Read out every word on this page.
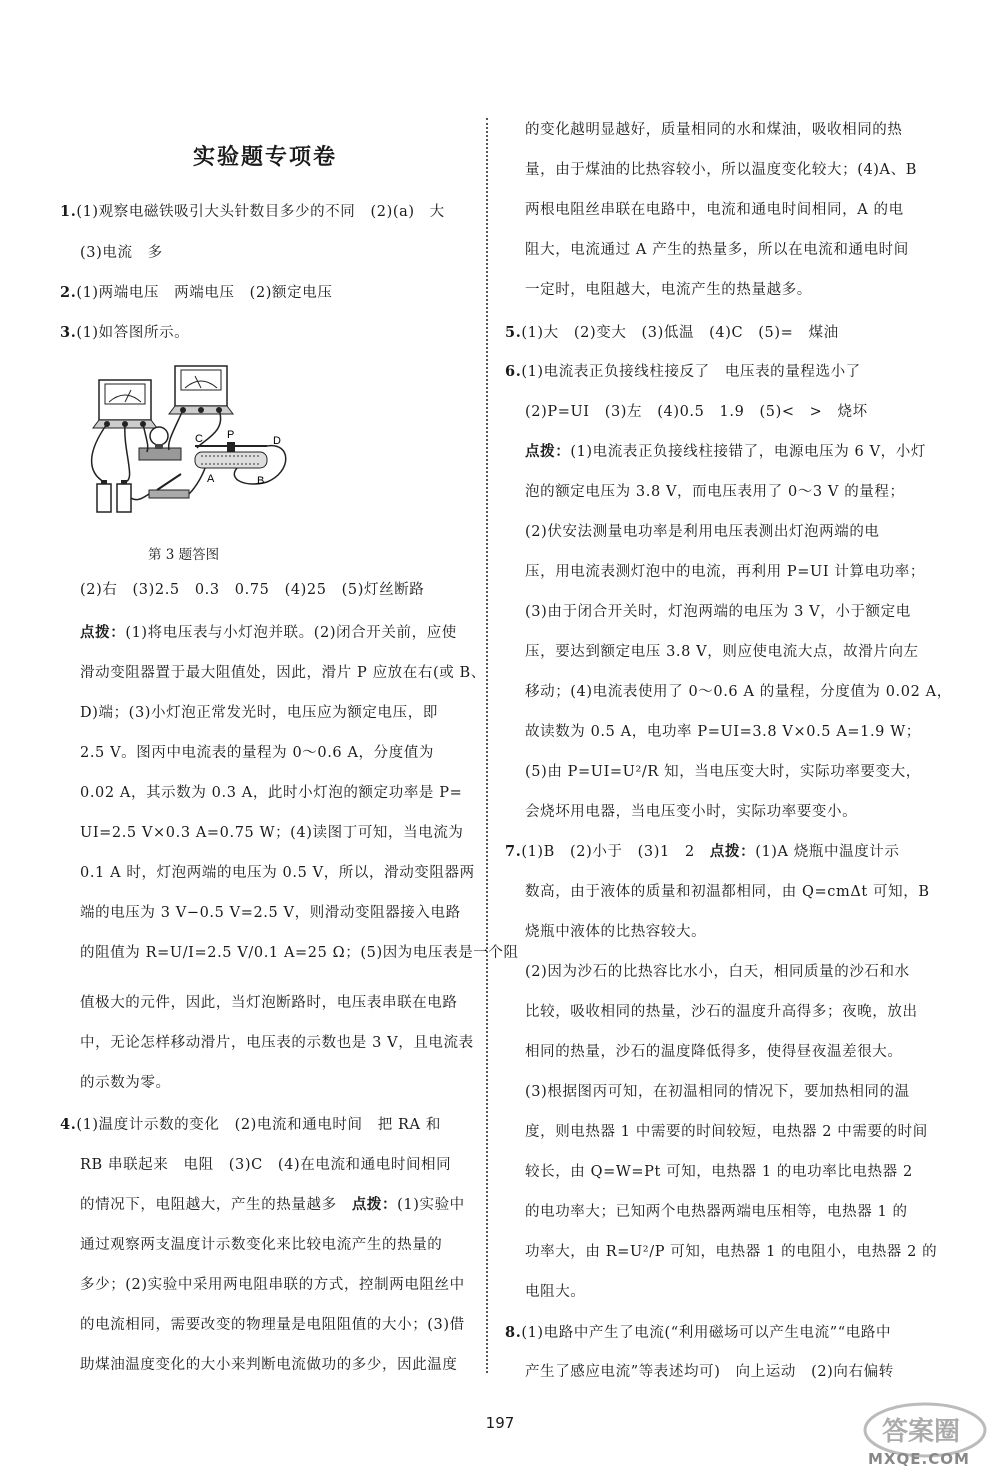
实验题专项卷
1.(1)观察电磁铁吸引大头针数目多少的不同　(2)(a)　大
(3)电流　多
2.(1)两端电压　两端电压　(2)额定电压
3.(1)如答图所示。
(2)右　(3)2.5　0.3　0.75　(4)25　(5)灯丝断路
点拨：(1)将电压表与小灯泡并联。(2)闭合开关前，应使
滑动变阻器置于最大阻值处，因此，滑片 P 应放在右(或 B、
D)端；(3)小灯泡正常发光时，电压应为额定电压，即
2.5 V。图丙中电流表的量程为 0～0.6 A，分度值为
0.02 A，其示数为 0.3 A，此时小灯泡的额定功率是 P=
UI=2.5 V×0.3 A=0.75 W；(4)读图丁可知，当电流为
0.1 A 时，灯泡两端的电压为 0.5 V，所以，滑动变阻器两
端的电压为 3 V−0.5 V=2.5 V，则滑动变阻器接入电路
的阻值为 R=U/I=2.5 V/0.1 A=25 Ω；(5)因为电压表是一个阻
值极大的元件，因此，当灯泡断路时，电压表串联在电路
中，无论怎样移动滑片，电压表的示数也是 3 V，且电流表
的示数为零。
4.(1)温度计示数的变化　(2)电流和通电时间　把 RA 和
RB 串联起来　电阻　(3)C　(4)在电流和通电时间相同
的情况下，电阻越大，产生的热量越多　点拨：(1)实验中
通过观察两支温度计示数变化来比较电流产生的热量的
多少；(2)实验中采用两电阻串联的方式，控制两电阻丝中
的电流相同，需要改变的物理量是电阻阻值的大小；(3)借
助煤油温度变化的大小来判断电流做功的多少，因此温度
C P	D
A	B
第 3 题答图
的变化越明显越好，质量相同的水和煤油，吸收相同的热
量，由于煤油的比热容较小，所以温度变化较大；(4)A、B
两根电阻丝串联在电路中，电流和通电时间相同，A 的电
阻大，电流通过 A 产生的热量多，所以在电流和通电时间
一定时，电阻越大，电流产生的热量越多。
5.(1)大　(2)变大　(3)低温　(4)C　(5)=　煤油
6.(1)电流表正负接线柱接反了　电压表的量程选小了
(2)P=UI　(3)左　(4)0.5　1.9　(5)<　>　烧坏
点拨：(1)电流表正负接线柱接错了，电源电压为 6 V，小灯
泡的额定电压为 3.8 V，而电压表用了 0～3 V 的量程；
(2)伏安法测量电功率是利用电压表测出灯泡两端的电
压，用电流表测灯泡中的电流，再利用 P=UI 计算电功率；
(3)由于闭合开关时，灯泡两端的电压为 3 V，小于额定电
压，要达到额定电压 3.8 V，则应使电流大点，故滑片向左
移动；(4)电流表使用了 0～0.6 A 的量程，分度值为 0.02 A，
故读数为 0.5 A，电功率 P=UI=3.8 V×0.5 A=1.9 W；
(5)由 P=UI=U²/R 知，当电压变大时，实际功率要变大，
会烧坏用电器，当电压变小时，实际功率要变小。
7.(1)B　(2)小于　(3)1　2　点拨：(1)A 烧瓶中温度计示
数高，由于液体的质量和初温都相同，由 Q=cmΔt 可知，B
烧瓶中液体的比热容较大。
(2)因为沙石的比热容比水小，白天，相同质量的沙石和水
比较，吸收相同的热量，沙石的温度升高得多；夜晚，放出
相同的热量，沙石的温度降低得多，使得昼夜温差很大。
(3)根据图丙可知，在初温相同的情况下，要加热相同的温
度，则电热器 1 中需要的时间较短，电热器 2 中需要的时间
较长，由 Q=W=Pt 可知，电热器 1 的电功率比电热器 2
的电功率大；已知两个电热器两端电压相等，电热器 1 的
功率大，由 R=U²/P 可知，电热器 1 的电阻小，电热器 2 的
电阻大。
8.(1)电路中产生了电流(“利用磁场可以产生电流”“电路中
产生了感应电流”等表述均可)　向上运动　(2)向右偏转
197	答案圈
MXQE.COM
